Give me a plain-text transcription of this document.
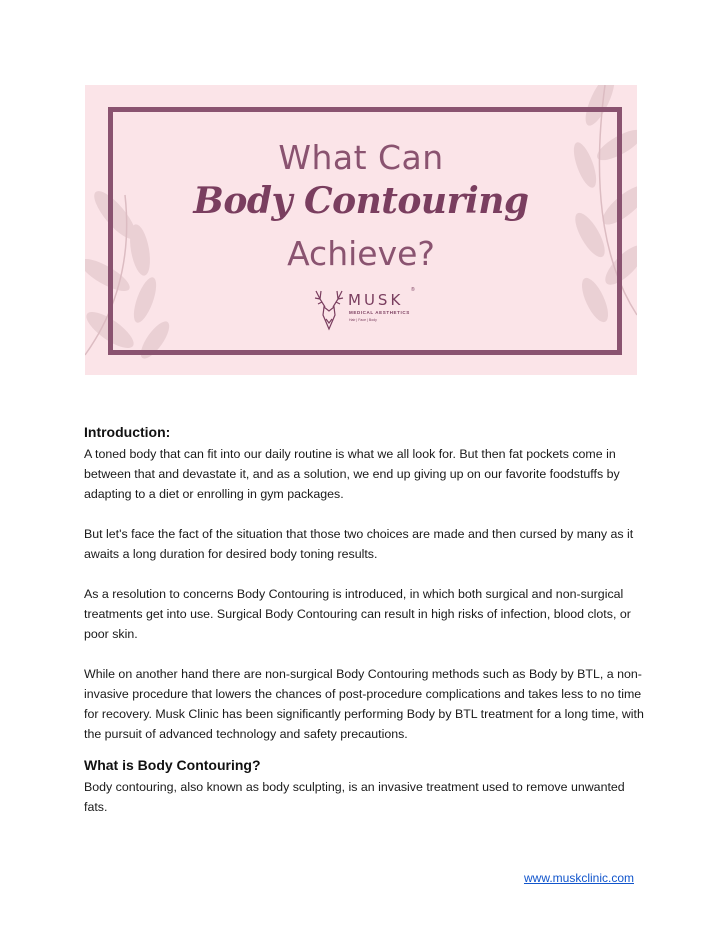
What Can
Body Contouring
Achieve?
MUSK
®
MEDICAL AESTHETICS
Hair | Face | Body
Introduction:

A toned body that can fit into our daily routine is what we all look for. But then fat pockets come in between that and devastate it, and as a solution, we end up giving up on our favorite foodstuffs by adapting to a diet or enrolling in gym packages.

But let's face the fact of the situation that those two choices are made and then cursed by many as it awaits a long duration for desired body toning results.

As a resolution to concerns Body Contouring is introduced, in which both surgical and non-surgical treatments get into use. Surgical Body Contouring can result in high risks of infection, blood clots, or poor skin.

While on another hand there are non-surgical Body Contouring methods such as Body by BTL, a non-invasive procedure that lowers the chances of post-procedure complications and takes less to no time for recovery. Musk Clinic has been significantly performing Body by BTL treatment for a long time, with the pursuit of advanced technology and safety precautions.

What is Body Contouring?

Body contouring, also known as body sculpting, is an invasive treatment used to remove unwanted fats.

www.muskclinic.com
